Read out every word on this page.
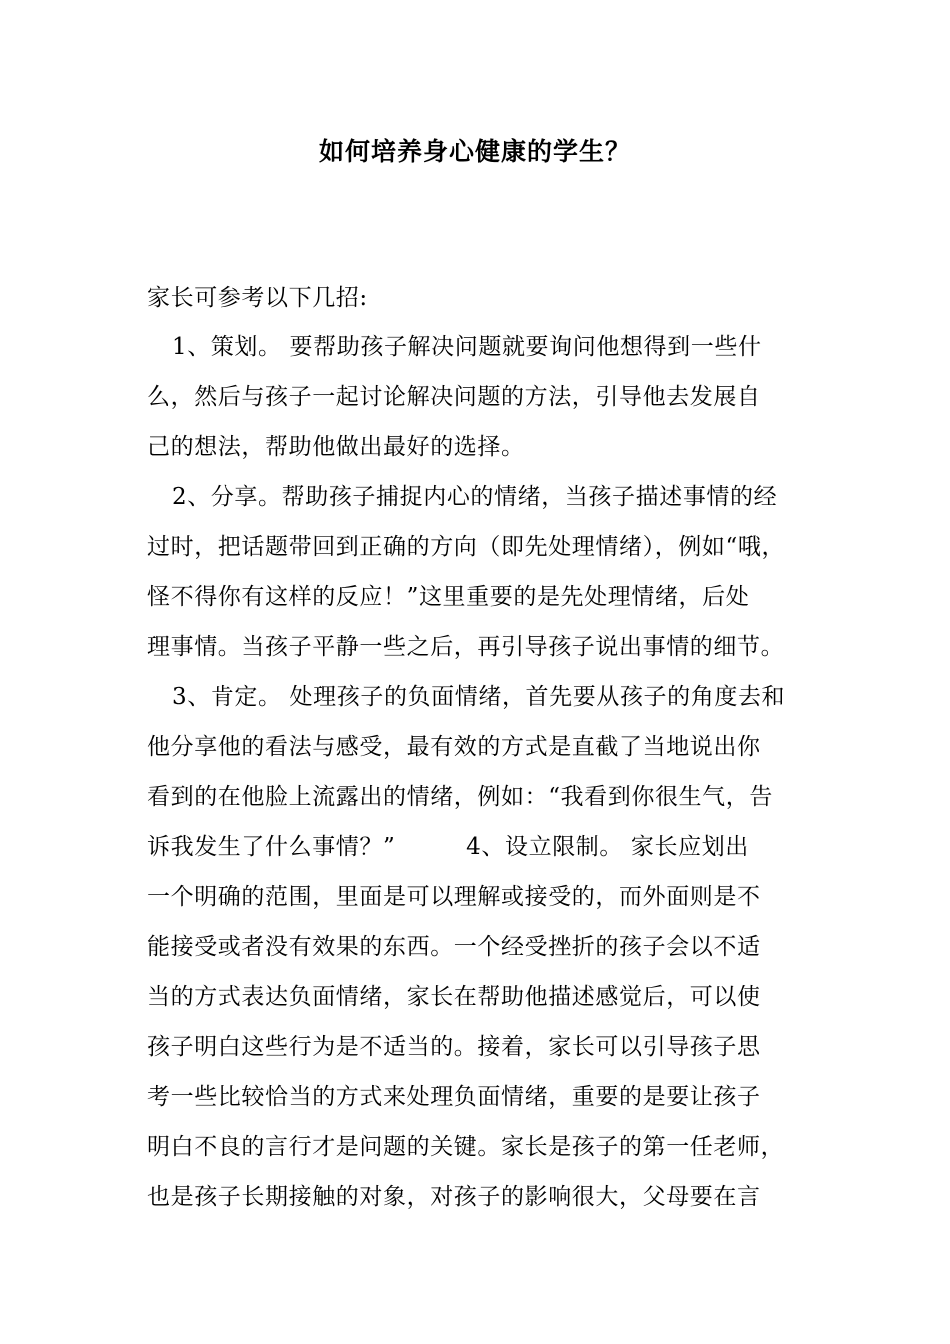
如何培养身心健康的学生？
家长可参考以下几招:
1、策划。 要帮助孩子解决问题就要询问他想得到一些什
么，然后与孩子一起讨论解决问题的方法，引导他去发展自
己的想法，帮助他做出最好的选择。
2、分享。帮助孩子捕捉内心的情绪，当孩子描述事情的经
过时，把话题带回到正确的方向（即先处理情绪），例如“哦，
怪不得你有这样的反应！”这里重要的是先处理情绪，后处
理事情。当孩子平静一些之后，再引导孩子说出事情的细节。
3、肯定。 处理孩子的负面情绪，首先要从孩子的角度去和
他分享他的看法与感受，最有效的方式是直截了当地说出你
看到的在他脸上流露出的情绪，例如：“我看到你很生气，告
诉我发生了什么事情？”　　　4、设立限制。 家长应划出
一个明确的范围，里面是可以理解或接受的，而外面则是不
能接受或者没有效果的东西。一个经受挫折的孩子会以不适
当的方式表达负面情绪，家长在帮助他描述感觉后，可以使
孩子明白这些行为是不适当的。接着，家长可以引导孩子思
考一些比较恰当的方式来处理负面情绪，重要的是要让孩子
明白不良的言行才是问题的关键。家长是孩子的第一任老师，
也是孩子长期接触的对象，对孩子的影响很大，父母要在言
